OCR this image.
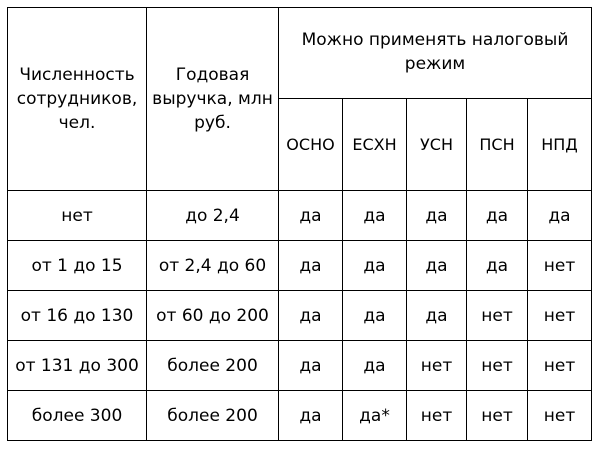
Численность сотрудников, чел.	Годовая выручка, млн руб.	Можно применять налоговый режим				
		ОСНО	ЕСХН	УСН	ПСН	НПД
нет	до 2,4	да	да	да	да	да
от 1 до 15	от 2,4 до 60	да	да	да	да	нет
от 16 до 130	от 60 до 200	да	да	да	нет	нет
от 131 до 300	более 200	да	да	нет	нет	нет
более 300	более 200	да	да*	нет	нет	нет
